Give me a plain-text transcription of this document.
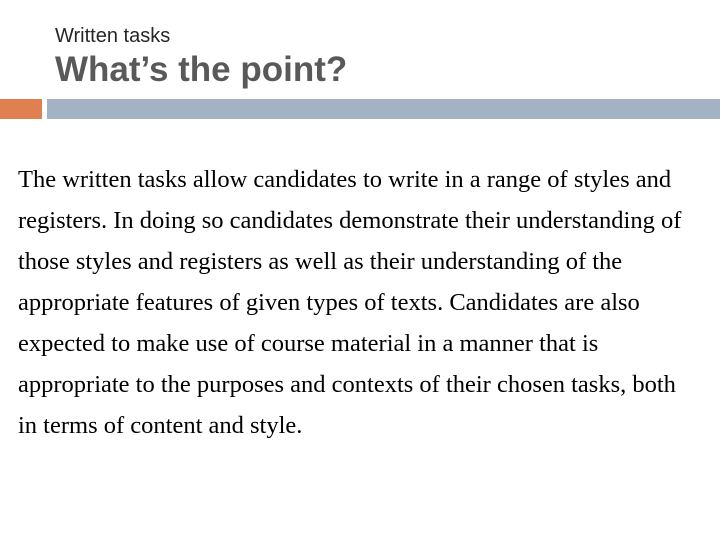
Written tasks
What’s the point?

The written tasks allow candidates to write in a range of styles and registers. In doing so candidates demonstrate their understanding of those styles and registers as well as their understanding of the appropriate features of given types of texts. Candidates are also expected to make use of course material in a manner that is appropriate to the purposes and contexts of their chosen tasks, both in terms of content and style.
